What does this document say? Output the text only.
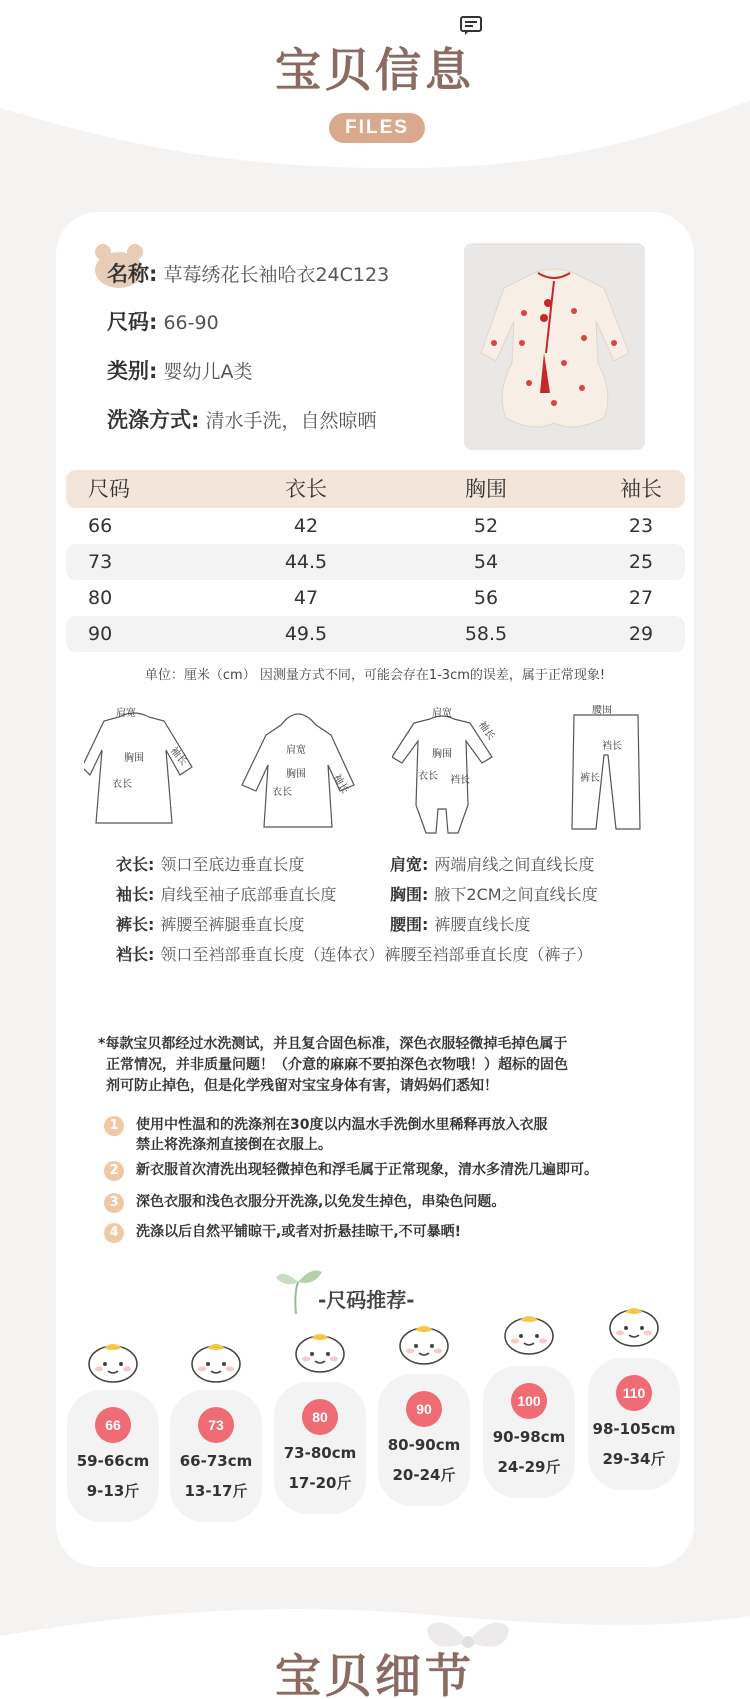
宝贝信息
FILES
名称: 草莓绣花长袖哈衣24C123
尺码: 66-90
类别: 婴幼儿A类
洗涤方式: 清水手洗，自然晾晒
尺码	衣长	胸围	袖长
66	42	52	23
73	44.5	54	25
80	47	56	27
90	49.5	58.5	29
单位：厘米（cm） 因测量方式不同，可能会存在1-3cm的误差，属于正常现象!
肩宽
胸围
衣长
袖长	肩宽
胸围
衣长	袖长
肩宽
胸围
衣长 裆长
袖长
腰围
裆长
裤长
衣长: 领口至底边垂直长度	肩宽: 两端肩线之间直线长度
袖长: 肩线至袖子底部垂直长度	胸围: 腋下2CM之间直线长度
裤长: 裤腰至裤腿垂直长度	腰围: 裤腰直线长度
裆长: 领口至裆部垂直长度（连体衣）裤腰至裆部垂直长度（裤子）
*每款宝贝都经过水洗测试，并且复合固色标准，深色衣服轻微掉毛掉色属于
正常情况，并非质量问题！（介意的麻麻不要拍深色衣物哦！）超标的固色
剂可防止掉色，但是化学残留对宝宝身体有害，请妈妈们悉知！
1	使用中性温和的洗涤剂在30度以内温水手洗倒水里稀释再放入衣服
禁止将洗涤剂直接倒在衣服上。
2	新衣服首次清洗出现轻微掉色和浮毛属于正常现象，清水多清洗几遍即可。
3	深色衣服和浅色衣服分开洗涤,以免发生掉色，串染色问题。
4	洗涤以后自然平铺晾干,或者对折悬挂晾干,不可暴晒!
-尺码推荐-
66
59-66cm
9-13斤
73
66-73cm
13-17斤
80
73-80cm
17-20斤
90
80-90cm
20-24斤
100
90-98cm
24-29斤
110
98-105cm
29-34斤
宝贝细节
